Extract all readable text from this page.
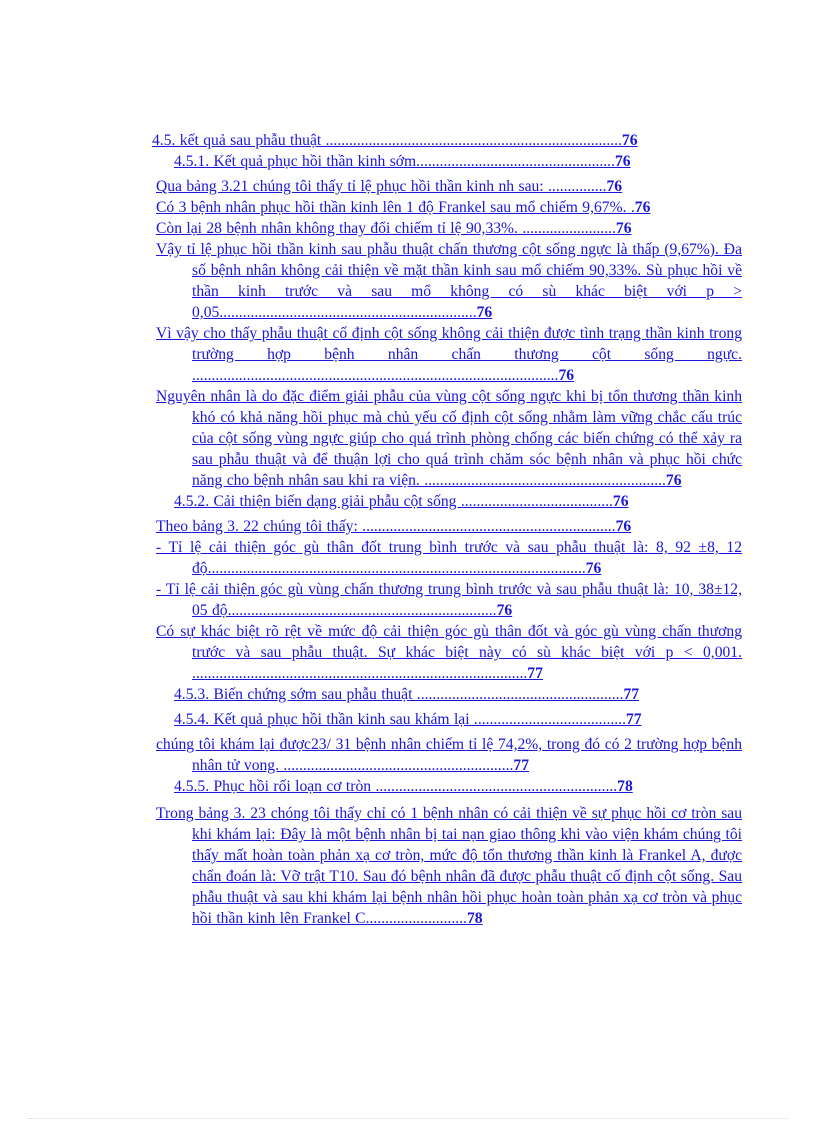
4.5. kết quả sau phẫu thuật ............................................................................76
4.5.1. Kết quả phục hồi thần kinh sớm...................................................76
Qua bảng 3.21 chúng tôi thấy tỉ lệ phục hồi thần kinh nh sau: ...............76
Có 3 bệnh nhân phục hồi thần kinh lên 1 độ Frankel sau mổ chiếm 9,67%. .76
Còn lại 28 bệnh nhân không thay đổi chiếm tỉ lệ 90,33%. ........................76
Vậy tỉ lệ phục hồi thần kinh sau phẫu thuật chấn thương cột sống ngực là thấp (9,67%). Đa số bệnh nhân không cải thiện về mặt thần kinh sau mổ chiếm 90,33%. Sù phục hồi về thần kinh trước và sau mổ không có sù khác biệt với p > 0,05..................................................................76
Vì vậy cho thấy phẫu thuật cố định cột sống không cải thiện được tình trạng thần kinh trong trường hợp bệnh nhân chấn thương cột sống ngực. ..............................................................................................76
Nguyên nhân là do đặc điểm giải phẫu của vùng cột sống ngực khi bị tổn thương thần kinh khó có khả năng hồi phục mà chủ yếu cố định cột sống nhằm làm vững chắc cấu trúc của cột sống vùng ngực giúp cho quá trình phòng chống các biến chứng có thể xảy ra sau phẫu thuật và để thuận lợi cho quá trình chăm sóc bệnh nhân và phục hồi chức năng cho bệnh nhân sau khi ra viện. ..............................................................76
4.5.2. Cải thiện biến dạng giải phẫu cột sống .......................................76
Theo bảng 3. 22 chúng tôi thấy: .................................................................76
- Tỉ lệ cải thiện góc gù thân đốt trung bình trước và sau phẫu thuật là: 8, 92 ±8, 12 độ.................................................................................................76
- Tỉ lệ cải thiện góc gù vùng chấn thương trung bình trước và sau phẫu thuật là: 10, 38±12, 05 độ.....................................................................76
Có sự khác biệt rõ rệt về mức độ cải thiện góc gù thân đốt và góc gù vùng chấn thương trước và sau phẫu thuật. Sự khác biệt này có sù khác biệt với p < 0,001. ......................................................................................77
4.5.3. Biến chứng sớm sau phẫu thuật .....................................................77
4.5.4. Kết quả phục hồi thần kinh sau khám lại .......................................77
chúng tôi khám lại được23/ 31 bệnh nhân chiếm tỉ lệ 74,2%, trong đó có 2 trường hợp bệnh nhân tử vong. ...........................................................77
4.5.5. Phục hồi rối loạn cơ tròn ..............................................................78
Trong bảng 3. 23 chóng tôi thấy chỉ có 1 bệnh nhân có cải thiện về sự phục hồi cơ tròn sau khi khám lại: Đây là một bệnh nhân bị tai nạn giao thông khi vào viện khám chúng tôi thấy mất hoàn toàn phản xạ cơ tròn, mức độ tổn thương thần kinh là Frankel A, được chẩn đoán là: Vỡ trật T10. Sau đó bệnh nhân đã được phẫu thuật cố định cột sống. Sau phẫu thuật và sau khi khám lại bệnh nhân hồi phục hoàn toàn phản xạ cơ tròn và phục hồi thần kinh lên Frankel C..........................78
